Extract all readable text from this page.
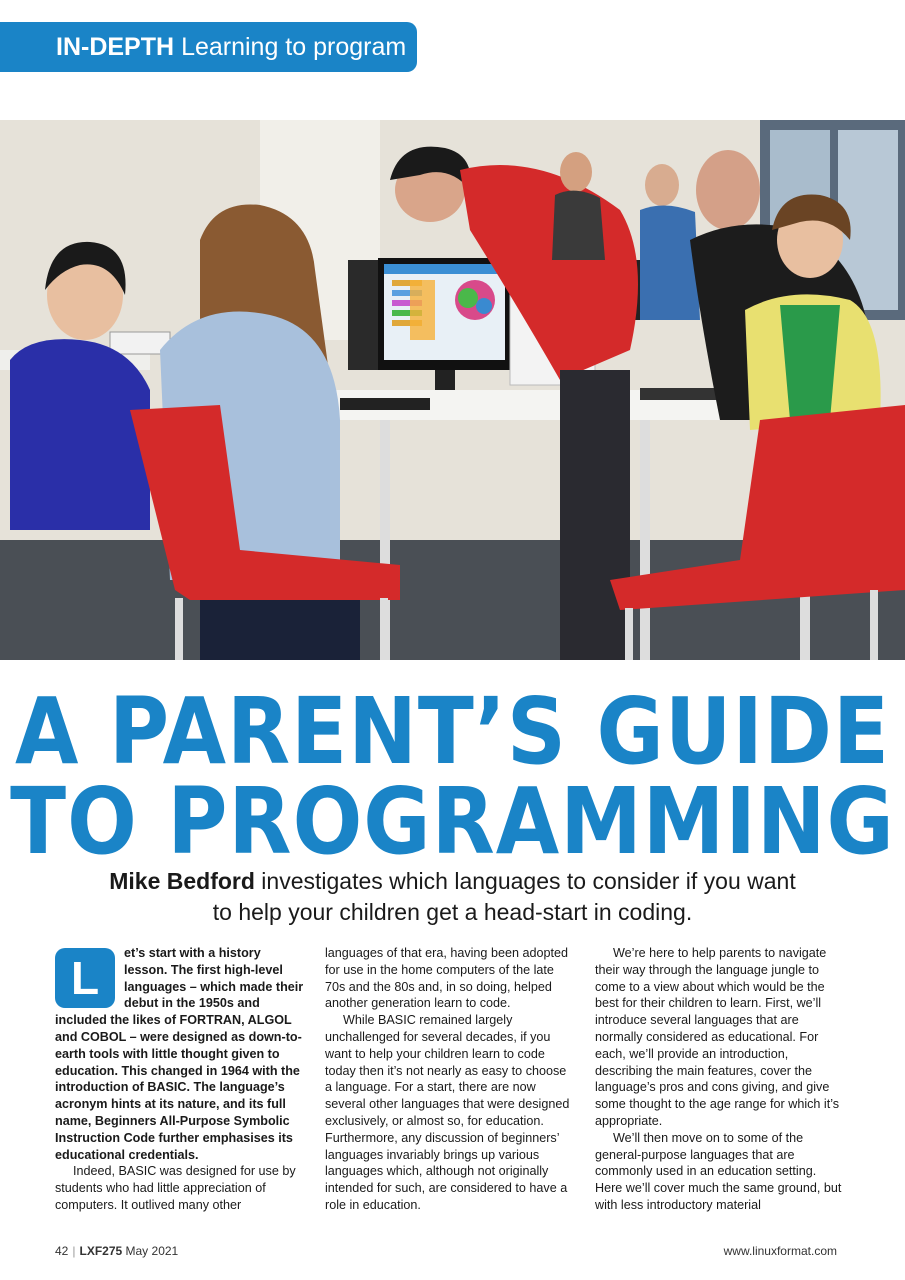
IN-DEPTH Learning to program
A PARENT’S GUIDE
TO PROGRAMMING

Mike Bedford investigates which languages to consider if you want to help your children get a head-start in coding.

L	et’s start with a history lesson. The first high-level languages – which made their debut in the 1950s and included the likes of FORTRAN, ALGOL and COBOL – were designed as down-to-earth tools with little thought given to education. This changed in 1964 with the introduction of BASIC. The language’s acronym hints at its nature, and its full name, Beginners All-Purpose Symbolic Instruction Code further emphasises its educational credentials.

Indeed, BASIC was designed for use by students who had little appreciation of computers. It outlived many other

languages of that era, having been adopted for use in the home computers of the late 70s and the 80s and, in so doing, helped another generation learn to code.

While BASIC remained largely unchallenged for several decades, if you want to help your children learn to code today then it’s not nearly as easy to choose a language. For a start, there are now several other languages that were designed exclusively, or almost so, for education. Furthermore, any discussion of beginners’ languages invariably brings up various languages which, although not originally intended for such, are considered to have a role in education.

We’re here to help parents to navigate their way through the language jungle to come to a view about which would be the best for their children to learn. First, we’ll introduce several languages that are normally considered as educational. For each, we’ll provide an introduction, describing the main features, cover the language’s pros and cons giving, and give some thought to the age range for which it’s appropriate.

We’ll then move on to some of the general-purpose languages that are commonly used in an education setting. Here we’ll cover much the same ground, but with less introductory material

42 | LXF275 May 2021	www.linuxformat.com
